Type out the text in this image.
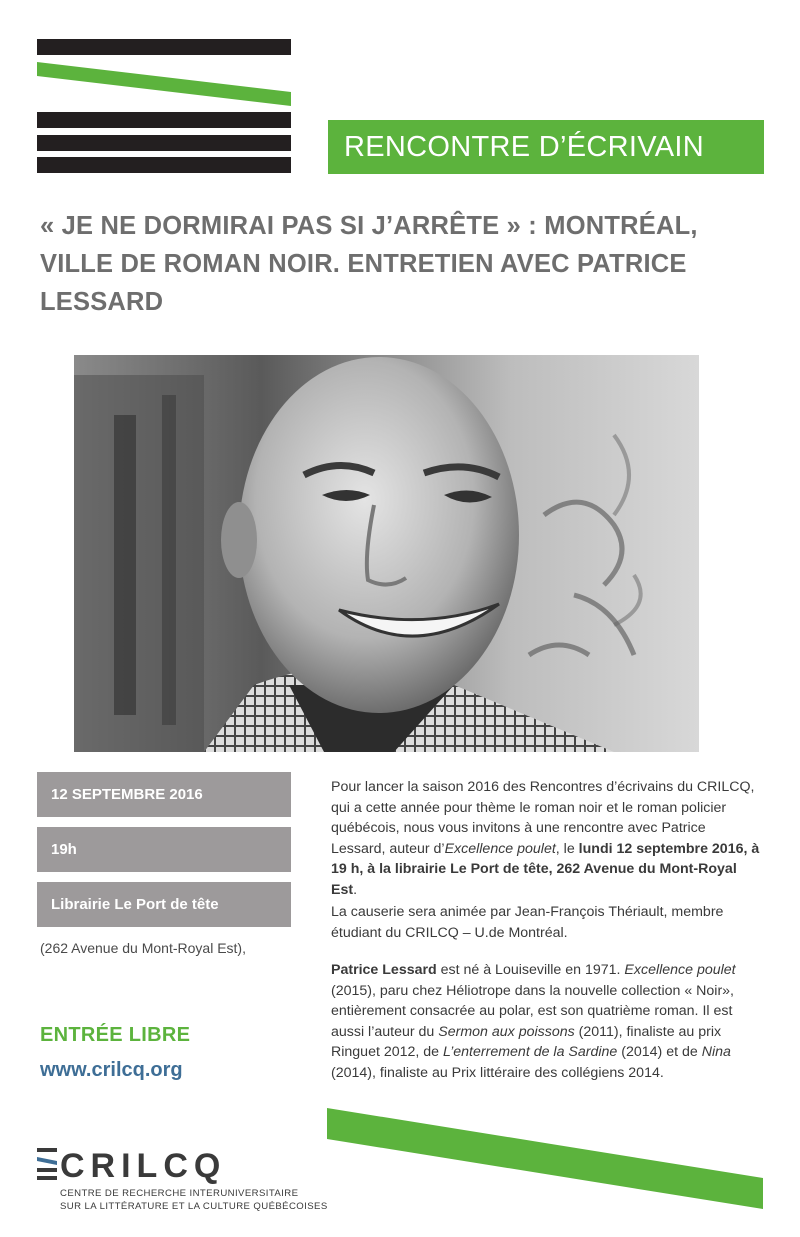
RENCONTRE D’ÉCRIVAIN
« JE NE DORMIRAI PAS SI J’ARRÊTE » : MONTRÉAL,
VILLE DE ROMAN NOIR. ENTRETIEN AVEC PATRICE
LESSARD
12 SEPTEMBRE 2016
19h
Librairie Le Port de tête
(262 Avenue du Mont-Royal Est),
ENTRÉE LIBRE
www.crilcq.org

Pour lancer la saison 2016 des Rencontres d’écrivains du CRILCQ, qui a cette année pour thème le roman noir et le roman policier québécois, nous vous invitons à une rencontre avec Patrice Lessard, auteur d’Excellence poulet, le lundi 12 septembre 2016, à 19 h, à la librairie Le Port de tête, 262 Avenue du Mont-Royal Est.

La causerie sera animée par Jean-François Thériault, membre étudiant du CRILCQ – U.de Montréal.

Patrice Lessard est né à Louiseville en 1971. Excellence poulet (2015), paru chez Héliotrope dans la nouvelle collection « Noir», entièrement consacrée au polar, est son quatrième roman. Il est aussi l’auteur du Sermon aux poissons (2011), finaliste au prix Ringuet 2012, de L’enterrement de la Sardine (2014) et de Nina (2014), finaliste au Prix littéraire des collégiens 2014.

CRILCQ
CENTRE DE RECHERCHE INTERUNIVERSITAIRE
SUR LA LITTÉRATURE ET LA CULTURE QUÉBÉCOISES
